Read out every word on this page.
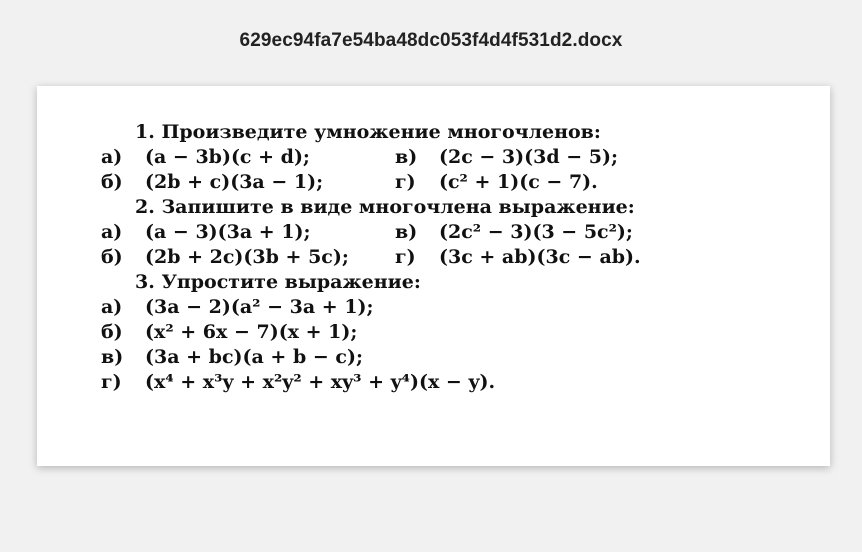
629ec94fa7e54ba48dc053f4d4f531d2.docx
1. Произведите умножение многочленов:
а) (a − 3b)(c + d);	в) (2c − 3)(3d − 5);
б) (2b + c)(3a − 1);	г) (c² + 1)(c − 7).
2. Запишите в виде многочлена выражение:
а) (a − 3)(3a + 1);	в) (2c² − 3)(3 − 5c²);
б) (2b + 2c)(3b + 5c); г) (3c + ab)(3c − ab).
3. Упростите выражение:
а) (3a − 2)(a² − 3a + 1);
б) (x² + 6x − 7)(x + 1);
в) (3a + bc)(a + b − c);
г) (x⁴ + x³y + x²y² + xy³ + y⁴)(x − y).
